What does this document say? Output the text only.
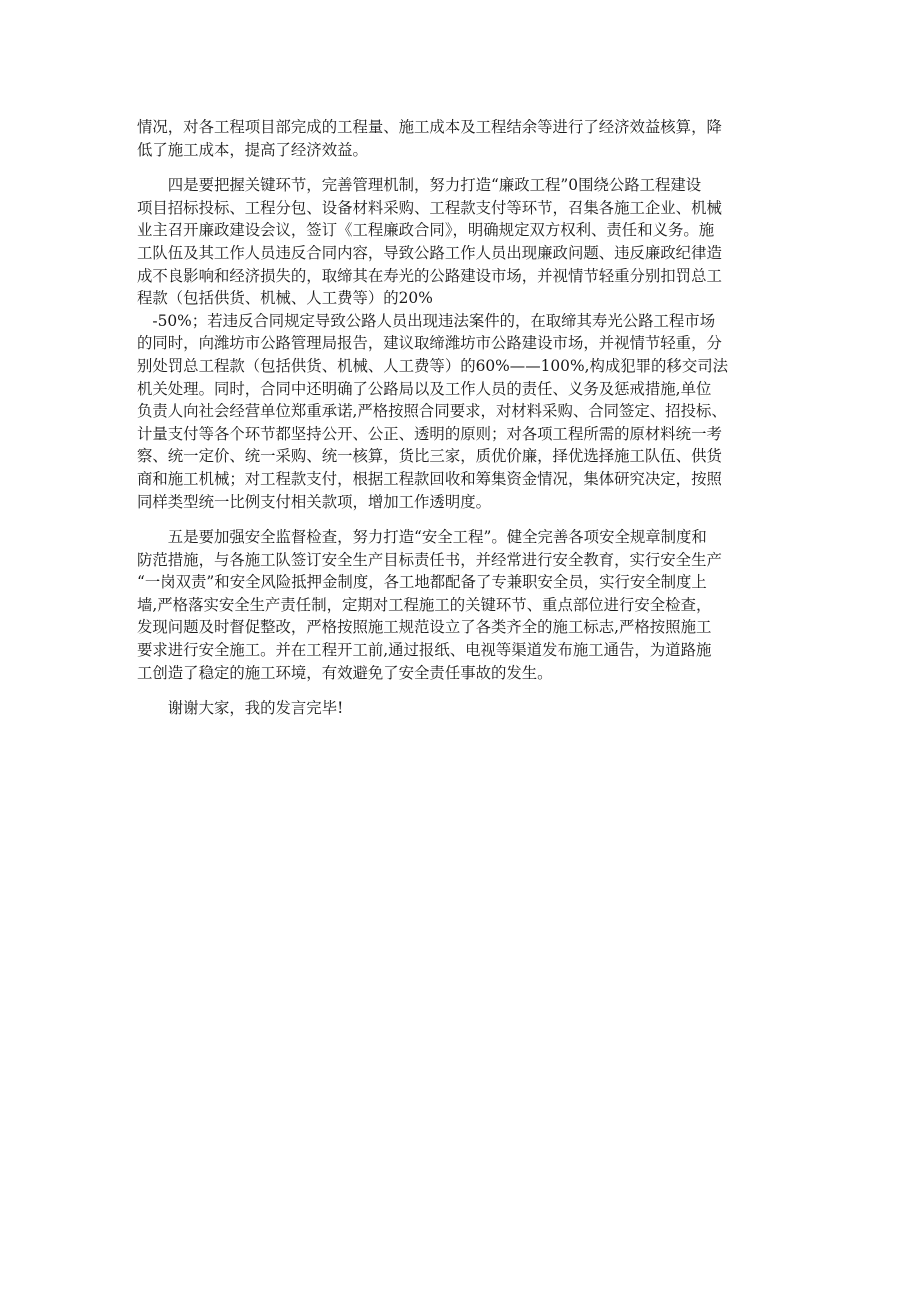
情况，对各工程项目部完成的工程量、施工成本及工程结余等进行了经济效益核算，降
低了施工成本，提高了经济效益。

　　四是要把握关键环节，完善管理机制，努力打造“廉政工程”0围绕公路工程建设
项目招标投标、工程分包、设备材料采购、工程款支付等环节，召集各施工企业、机械
业主召开廉政建设会议，签订《工程廉政合同》，明确规定双方权利、责任和义务。施
工队伍及其工作人员违反合同内容，导致公路工作人员出现廉政问题、违反廉政纪律造
成不良影响和经济损失的，取缔其在寿光的公路建设市场，并视情节轻重分别扣罚总工
程款（包括供货、机械、人工费等）的20%
　-50%；若违反合同规定导致公路人员出现违法案件的，在取缔其寿光公路工程市场
的同时，向潍坊市公路管理局报告，建议取缔潍坊市公路建设市场，并视情节轻重，分
别处罚总工程款（包括供货、机械、人工费等）的60%——100%,构成犯罪的移交司法
机关处理。同时，合同中还明确了公路局以及工作人员的责任、义务及惩戒措施,单位
负责人向社会经营单位郑重承诺,严格按照合同要求，对材料采购、合同签定、招投标、
计量支付等各个环节都坚持公开、公正、透明的原则；对各项工程所需的原材料统一考
察、统一定价、统一采购、统一核算，货比三家，质优价廉，择优选择施工队伍、供货
商和施工机械；对工程款支付，根据工程款回收和筹集资金情况，集体研究决定，按照
同样类型统一比例支付相关款项，增加工作透明度。

　　五是要加强安全监督检查，努力打造“安全工程”。健全完善各项安全规章制度和
防范措施，与各施工队签订安全生产目标责任书，并经常进行安全教育，实行安全生产
“一岗双责”和安全风险抵押金制度，各工地都配备了专兼职安全员，实行安全制度上
墙,严格落实安全生产责任制，定期对工程施工的关键环节、重点部位进行安全检查，
发现问题及时督促整改，严格按照施工规范设立了各类齐全的施工标志,严格按照施工
要求进行安全施工。并在工程开工前,通过报纸、电视等渠道发布施工通告，为道路施
工创造了稳定的施工环境，有效避免了安全责任事故的发生。

　　谢谢大家，我的发言完毕!
